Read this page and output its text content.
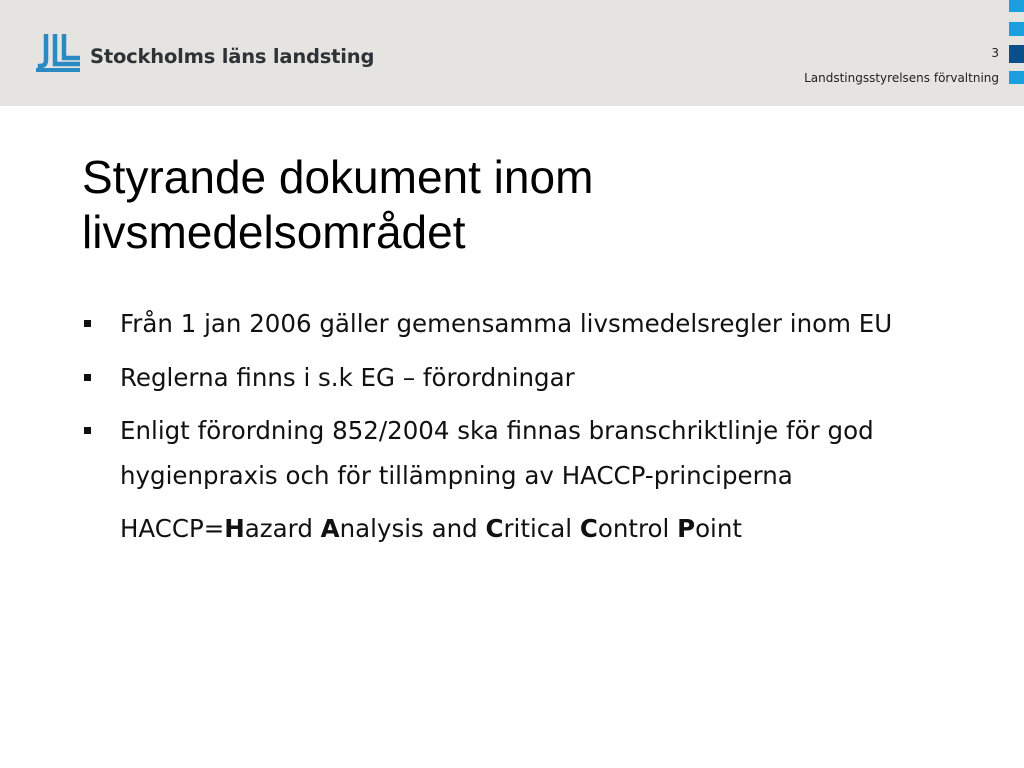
Stockholms läns landsting	3
Landstingsstyrelsens förvaltning
Styrande dokument inom livsmedelsområdet
Från 1 jan 2006 gäller gemensamma livsmedelsregler inom EU
Reglerna finns i s.k EG – förordningar
Enligt förordning 852/2004 ska finnas branschriktlinje för god hygienpraxis och för tillämpning av HACCP-principerna
HACCP=Hazard Analysis and Critical Control Point
